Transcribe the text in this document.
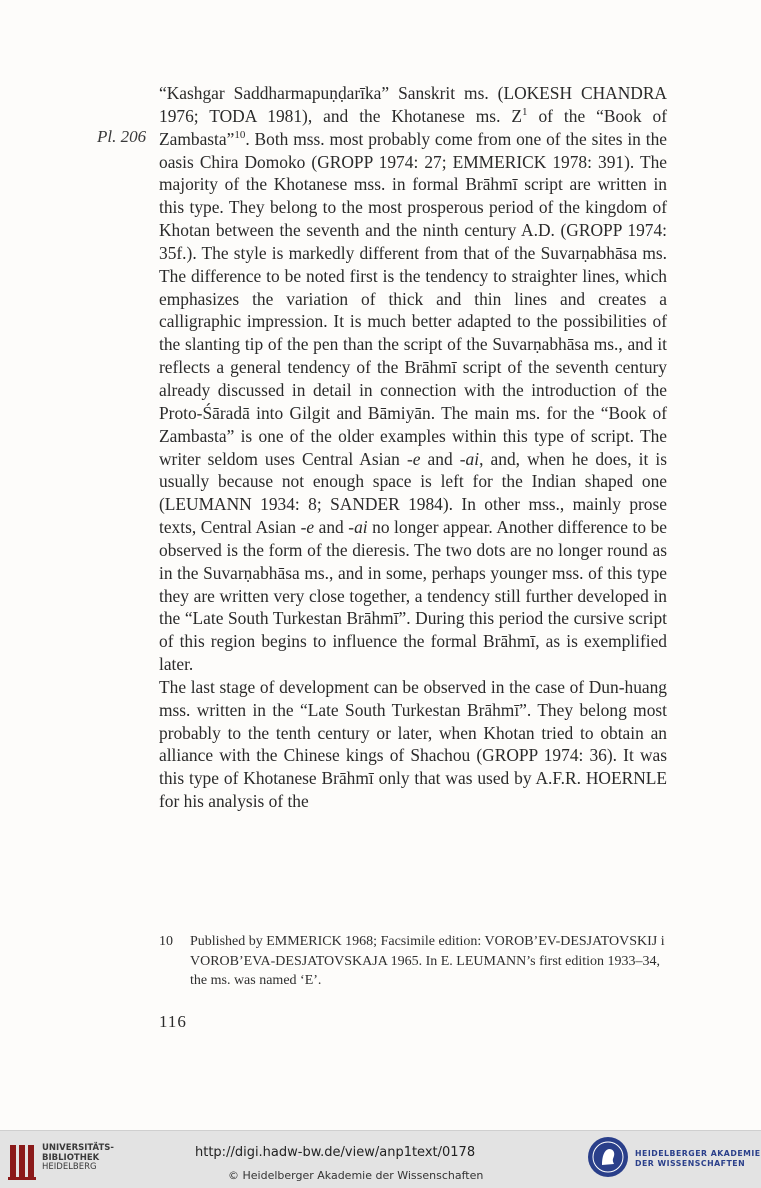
Pl. 206

“Kashgar Saddharmapuṇḍarīka” Sanskrit ms. (LOKESH CHANDRA 1976; TODA 1981), and the Khotanese ms. $Z^1$ of the “Book of Zambasta”$^{10}$. Both mss. most probably come from one of the sites in the oasis Chira Domoko (GROPP 1974: 27; EMMERICK 1978: 391). The majority of the Khotanese mss. in formal Brāhmī script are written in this type. They belong to the most prosperous period of the kingdom of Khotan between the seventh and the ninth century A.D. (GROPP 1974: 35f.). The style is markedly different from that of the Suvarṇabhāsa ms. The difference to be noted first is the tendency to straighter lines, which emphasizes the variation of thick and thin lines and creates a calligraphic impression. It is much better adapted to the possibilities of the slanting tip of the pen than the script of the Suvarṇabhāsa ms., and it reflects a general tendency of the Brāhmī script of the seventh century already discussed in detail in connection with the introduction of the Proto-Śāradā into Gilgit and Bāmiyān. The main ms. for the “Book of Zambasta” is one of the older examples within this type of script. The writer seldom uses Central Asian -e and -ai, and, when he does, it is usually because not enough space is left for the Indian shaped one (LEUMANN 1934: 8; SANDER 1984). In other mss., mainly prose texts, Central Asian -e and -ai no longer appear. Another difference to be observed is the form of the dieresis. The two dots are no longer round as in the Suvarṇabhāsa ms., and in some, perhaps younger mss. of this type they are written very close together, a tendency still further developed in the “Late South Turkestan Brāhmī”. During this period the cursive script of this region begins to influence the formal Brāhmī, as is exemplified later.

The last stage of development can be observed in the case of Dun-huang mss. written in the “Late South Turkestan Brāhmī”. They belong most probably to the tenth century or later, when Khotan tried to obtain an alliance with the Chinese kings of Shachou (GROPP 1974: 36). It was this type of Khotanese Brāhmī only that was used by A.F.R. HOERNLE for his analysis of the

10 Published by EMMERICK 1968; Facsimile edition: VOROB’EV-DESJATOVSKIJ i VOROB’EVA-DESJATOVSKAJA 1965. In E. LEUMANN’s first edition 1933–34, the ms. was named ‘E’.
116
UNIVERSITÄTS-
BIBLIOTHEK
HEIDELBERG
http://digi.hadw-bw.de/view/anp1text/0178
© Heidelberger Akademie der Wissenschaften
HEIDELBERGER AKADEMIE
DER WISSENSCHAFTEN
